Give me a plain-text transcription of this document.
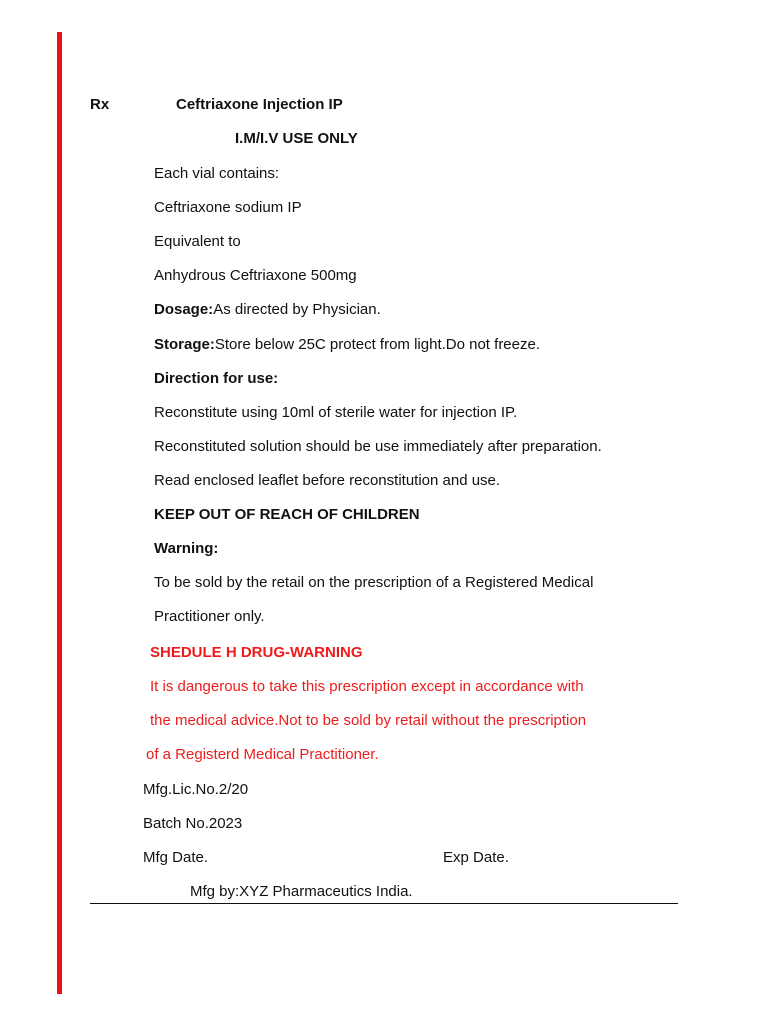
Rx	Ceftriaxone Injection IP
I.M/I.V USE ONLY
Each vial contains:
Ceftriaxone sodium IP
Equivalent to
Anhydrous Ceftriaxone 500mg
Dosage:As directed by Physician.
Storage:Store below 25C protect from light.Do not freeze.
Direction for use:
Reconstitute using 10ml of sterile water for injection IP.
Reconstituted solution should be use immediately after preparation.
Read enclosed leaflet before reconstitution and use.
KEEP OUT OF REACH OF CHILDREN
Warning:
To be sold by the retail on the prescription of a Registered Medical
Practitioner only.
SHEDULE H DRUG-WARNING
It is dangerous to take this prescription except in accordance with
the medical advice.Not to be sold by retail without the prescription
of a Registerd Medical Practitioner.
Mfg.Lic.No.2/20
Batch No.2023
Mfg Date.	Exp Date.
Mfg by:XYZ Pharmaceutics India.
